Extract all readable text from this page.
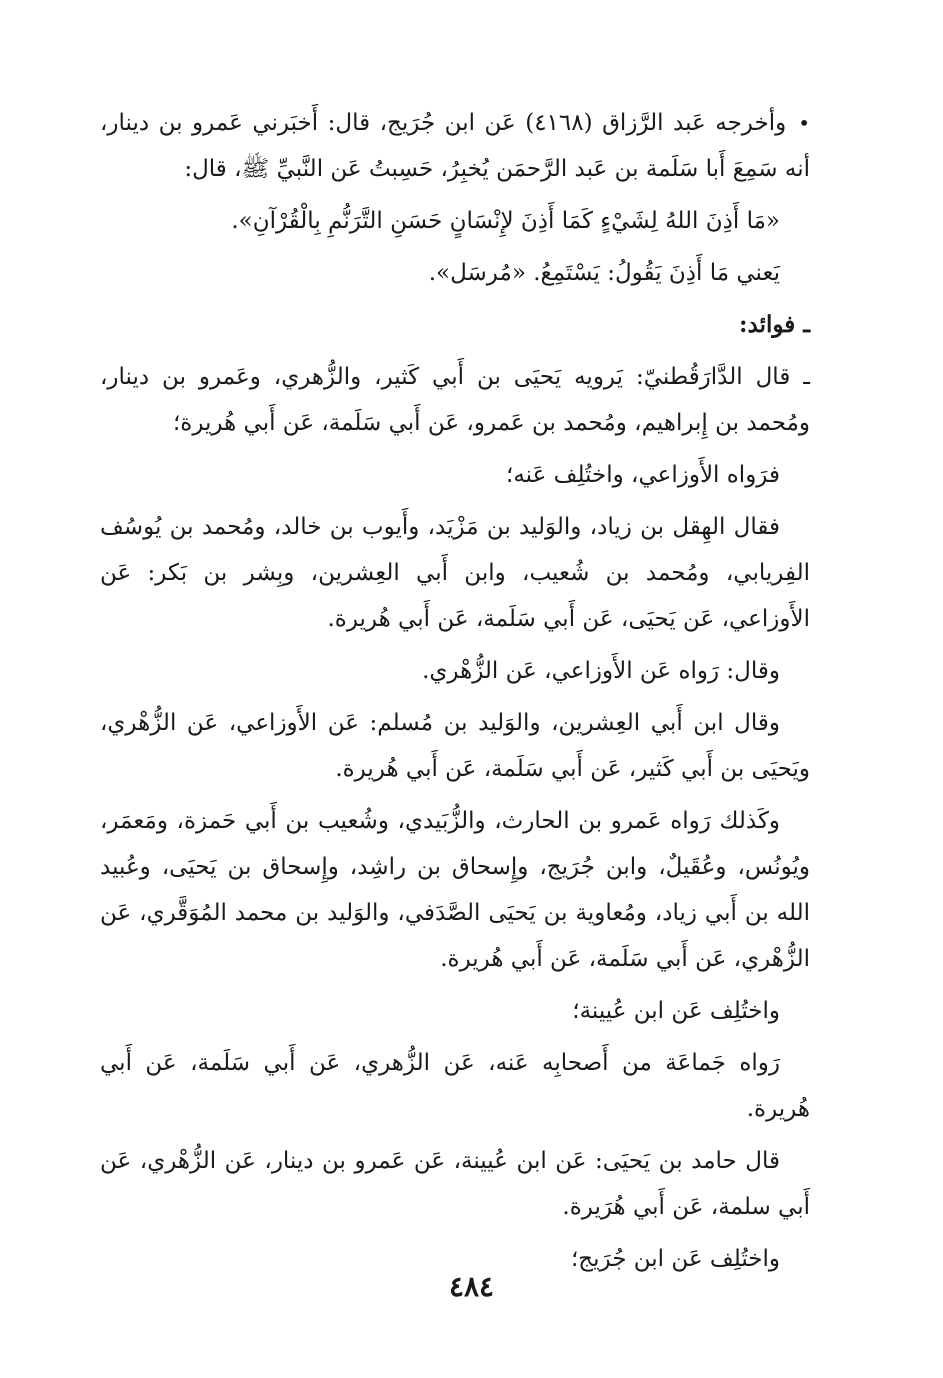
•وأخرجه عَبد الرَّزاق (٤١٦٨) عَن ابن جُرَيج، قال: أَخبَرني عَمرو بن دينار، أنه سَمِعَ أَبا سَلَمة بن عَبد الرَّحمَن يُخبِرُ، حَسِبتُ عَن النَّبيِّ ﷺ، قال:

«مَا أَذِنَ اللهُ لِشَيْءٍ كَمَا أَذِنَ لإِنْسَانٍ حَسَنِ التَّرَنُّمِ بِالْقُرْآنِ».

يَعني مَا أَذِنَ يَقُولُ: يَسْتَمِعُ. «مُرسَل».

ـ فوائد:

ـ قال الدَّارَقُطنيّ: يَرويه يَحيَى بن أَبي كَثير، والزُّهري، وعَمرو بن دينار، ومُحمد بن إِبراهيم، ومُحمد بن عَمرو، عَن أَبي سَلَمة، عَن أَبي هُريرة؛

فرَواه الأَوزاعي، واختُلِف عَنه؛

فقال الهِقل بن زياد، والوَليد بن مَزْيَد، وأَيوب بن خالد، ومُحمد بن يُوسُف الفِريابي، ومُحمد بن شُعيب، وابن أَبي العِشرين، وبِشر بن بَكر: عَن الأَوزاعي، عَن يَحيَى، عَن أَبي سَلَمة، عَن أَبي هُريرة.

وقال: رَواه عَن الأَوزاعي، عَن الزُّهْري.

وقال ابن أَبي العِشرين، والوَليد بن مُسلم: عَن الأَوزاعي، عَن الزُّهْري، ويَحيَى بن أَبي كَثير، عَن أَبي سَلَمة، عَن أَبي هُريرة.

وكَذلك رَواه عَمرو بن الحارث، والزُّبَيدي، وشُعيب بن أَبي حَمزة، ومَعمَر، ويُونُس، وعُقَيلٌ، وابن جُرَيج، وإِسحاق بن راشِد، وإِسحاق بن يَحيَى، وعُبيد الله بن أَبي زياد، ومُعاوية بن يَحيَى الصَّدَفي، والوَليد بن محمد المُوَقَّري، عَن الزُّهْري، عَن أَبي سَلَمة، عَن أَبي هُريرة.

واختُلِف عَن ابن عُيينة؛

رَواه جَماعَة من أَصحابِه عَنه، عَن الزُّهري، عَن أَبي سَلَمة، عَن أَبي هُريرة.

قال حامد بن يَحيَى: عَن ابن عُيينة، عَن عَمرو بن دينار، عَن الزُّهْري، عَن أَبي سلمة، عَن أَبي هُرَيرة.

واختُلِف عَن ابن جُرَيج؛

٤٨٤
